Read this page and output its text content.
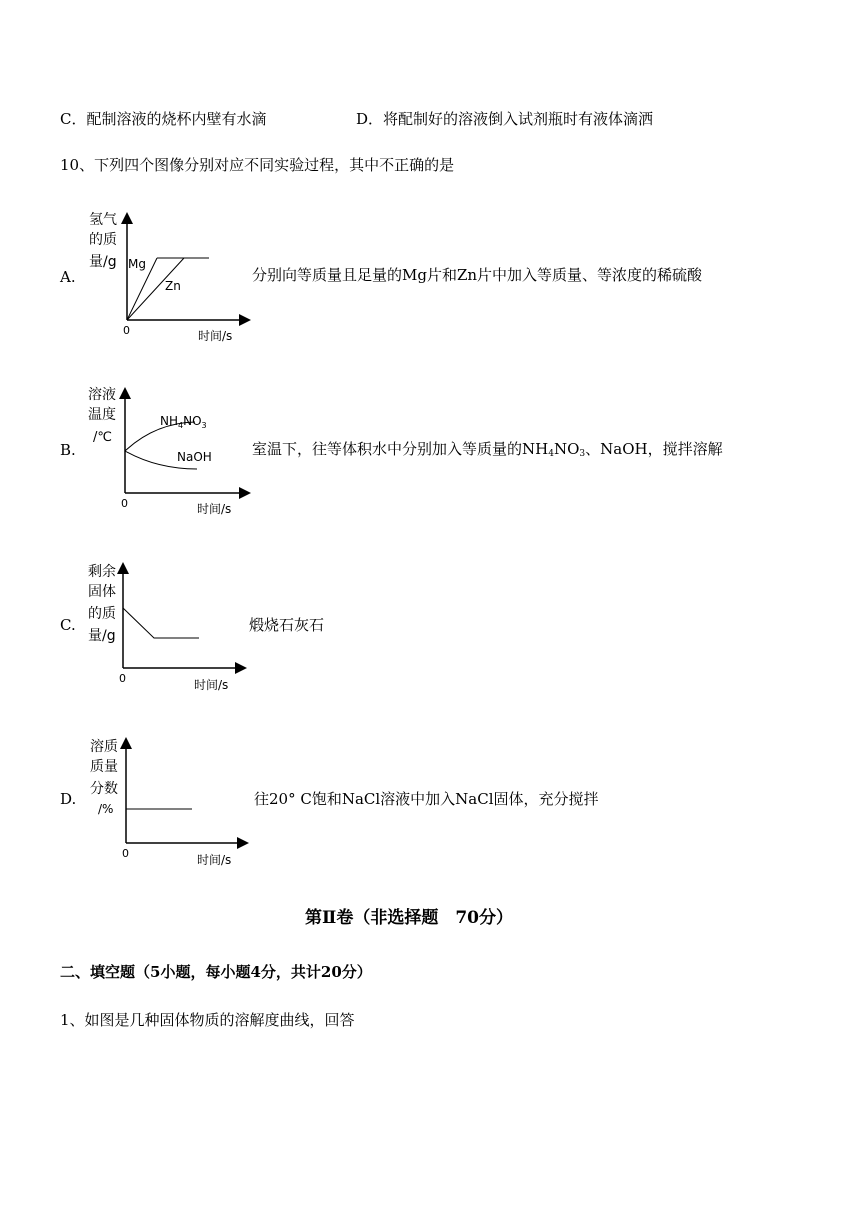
C．配制溶液的烧杯内壁有水滴	D．将配制好的溶液倒入试剂瓶时有液体滴洒
10、下列四个图像分别对应不同实验过程，其中不正确的是
A.
氢气
的质
量/g
0	时间/s
Mg
Zn
分别向等质量且足量的Mg片和Zn片中加入等质量、等浓度的稀硫酸
B.
溶液
温度
/℃
0	时间/s
$NH_4NO_3$
NaOH	室温下，往等体积水中分别加入等质量的$NH_4NO_3$、NaOH，搅拌溶解
C.
剩余
固体
的质
量/g
0	时间/s
煅烧石灰石
D.
溶质
质量
分数
/%
0	时间/s
往20° C饱和NaCl溶液中加入NaCl固体，充分搅拌
第Ⅱ卷（非选择题　70分）
二、填空题（5小题，每小题4分，共计20分）
1、如图是几种固体物质的溶解度曲线，回答
